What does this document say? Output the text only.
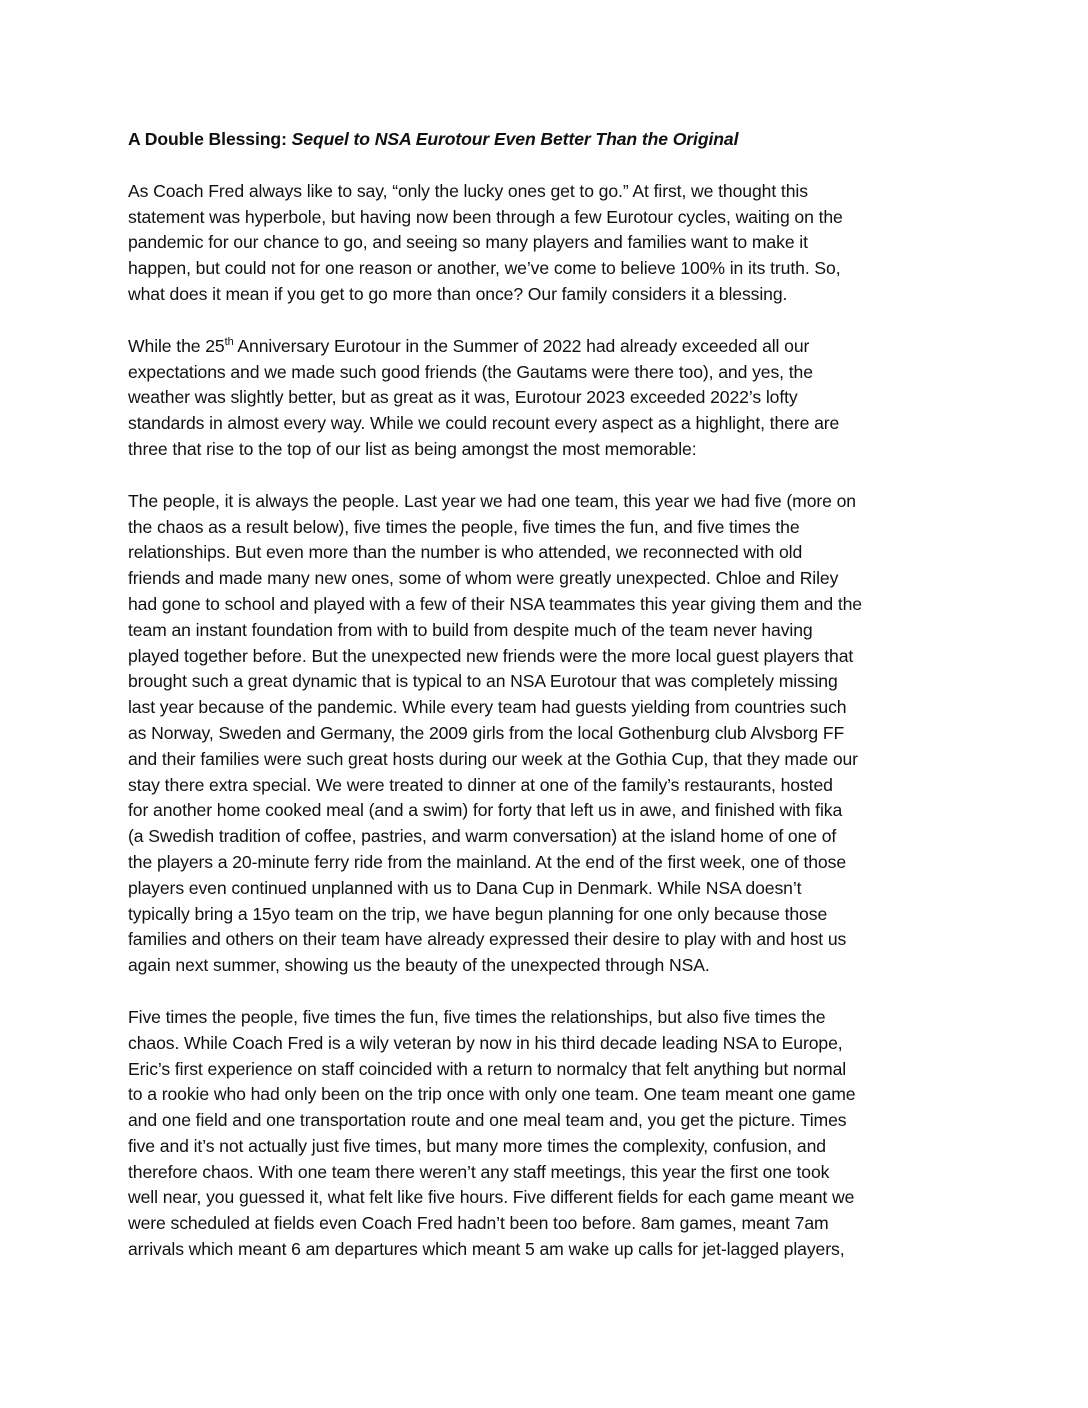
A Double Blessing: Sequel to NSA Eurotour Even Better Than the Original
As Coach Fred always like to say, “only the lucky ones get to go.” At first, we thought this
statement was hyperbole, but having now been through a few Eurotour cycles, waiting on the
pandemic for our chance to go, and seeing so many players and families want to make it
happen, but could not for one reason or another, we’ve come to believe 100% in its truth. So,
what does it mean if you get to go more than once? Our family considers it a blessing.
While the 25th Anniversary Eurotour in the Summer of 2022 had already exceeded all our
expectations and we made such good friends (the Gautams were there too), and yes, the
weather was slightly better, but as great as it was, Eurotour 2023 exceeded 2022’s lofty
standards in almost every way. While we could recount every aspect as a highlight, there are
three that rise to the top of our list as being amongst the most memorable:
The people, it is always the people. Last year we had one team, this year we had five (more on
the chaos as a result below), five times the people, five times the fun, and five times the
relationships. But even more than the number is who attended, we reconnected with old
friends and made many new ones, some of whom were greatly unexpected. Chloe and Riley
had gone to school and played with a few of their NSA teammates this year giving them and the
team an instant foundation from with to build from despite much of the team never having
played together before. But the unexpected new friends were the more local guest players that
brought such a great dynamic that is typical to an NSA Eurotour that was completely missing
last year because of the pandemic. While every team had guests yielding from countries such
as Norway, Sweden and Germany, the 2009 girls from the local Gothenburg club Alvsborg FF
and their families were such great hosts during our week at the Gothia Cup, that they made our
stay there extra special. We were treated to dinner at one of the family’s restaurants, hosted
for another home cooked meal (and a swim) for forty that left us in awe, and finished with fika
(a Swedish tradition of coffee, pastries, and warm conversation) at the island home of one of
the players a 20-minute ferry ride from the mainland. At the end of the first week, one of those
players even continued unplanned with us to Dana Cup in Denmark. While NSA doesn’t
typically bring a 15yo team on the trip, we have begun planning for one only because those
families and others on their team have already expressed their desire to play with and host us
again next summer, showing us the beauty of the unexpected through NSA.
Five times the people, five times the fun, five times the relationships, but also five times the
chaos. While Coach Fred is a wily veteran by now in his third decade leading NSA to Europe,
Eric’s first experience on staff coincided with a return to normalcy that felt anything but normal
to a rookie who had only been on the trip once with only one team. One team meant one game
and one field and one transportation route and one meal team and, you get the picture. Times
five and it’s not actually just five times, but many more times the complexity, confusion, and
therefore chaos. With one team there weren’t any staff meetings, this year the first one took
well near, you guessed it, what felt like five hours. Five different fields for each game meant we
were scheduled at fields even Coach Fred hadn’t been too before. 8am games, meant 7am
arrivals which meant 6 am departures which meant 5 am wake up calls for jet-lagged players,
